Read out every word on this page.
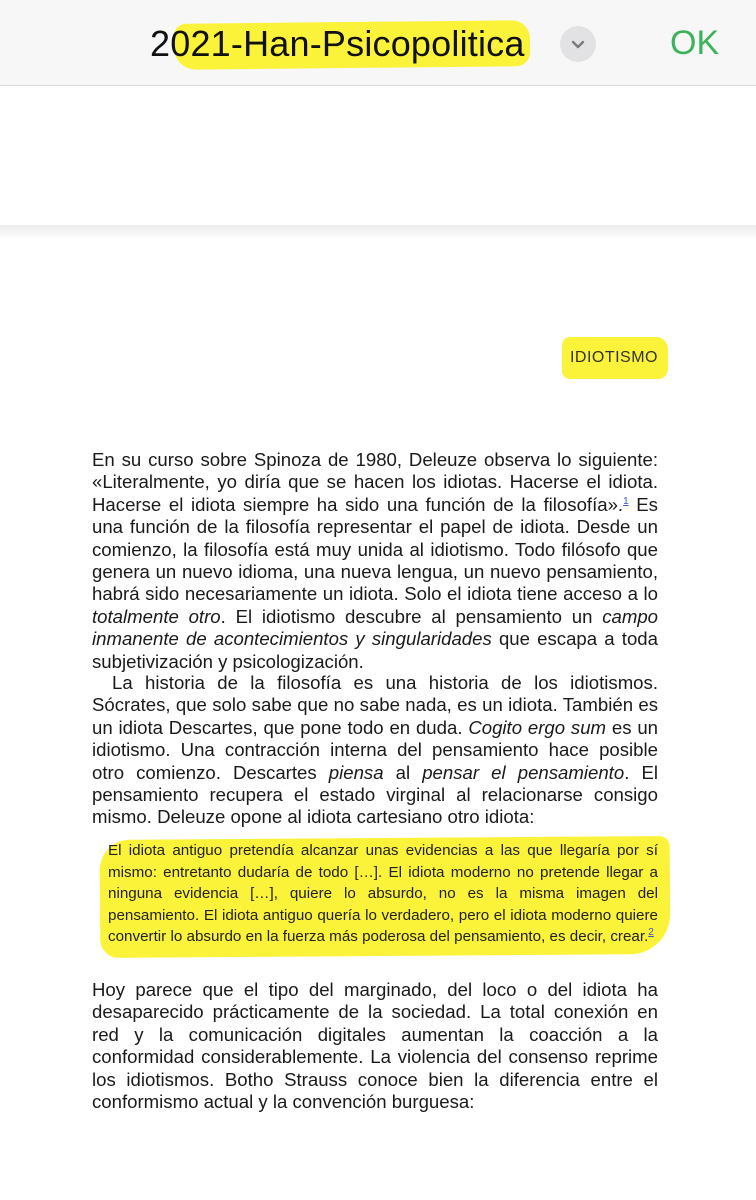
2021-Han-Psicopolitica	OK
IDIOTISMO

En su curso sobre Spinoza de 1980, Deleuze observa lo siguiente: «Literalmente, yo diría que se hacen los idiotas. Hacerse el idiota. Hacerse el idiota siempre ha sido una función de la filosofía».$^1$ Es una función de la filosofía representar el papel de idiota. Desde un comienzo, la filosofía está muy unida al idiotismo. Todo filósofo que genera un nuevo idioma, una nueva lengua, un nuevo pensamiento, habrá sido necesariamente un idiota. Solo el idiota tiene acceso a lo totalmente otro. El idiotismo descubre al pensamiento un campo inmanente de acontecimientos y singularidades que escapa a toda subjetivización y psicologización.

La historia de la filosofía es una historia de los idiotismos. Sócrates, que solo sabe que no sabe nada, es un idiota. También es un idiota Descartes, que pone todo en duda. Cogito ergo sum es un idiotismo. Una contracción interna del pensamiento hace posible otro comienzo. Descartes piensa al pensar el pensamiento. El pensamiento recupera el estado virginal al relacionarse consigo mismo. Deleuze opone al idiota cartesiano otro idiota:

El idiota antiguo pretendía alcanzar unas evidencias a las que llegaría por sí mismo: entretanto dudaría de todo […]. El idiota moderno no pretende llegar a ninguna evidencia […], quiere lo absurdo, no es la misma imagen del pensamiento. El idiota antiguo quería lo verdadero, pero el idiota moderno quiere convertir lo absurdo en la fuerza más poderosa del pensamiento, es decir, crear.$^2$

Hoy parece que el tipo del marginado, del loco o del idiota ha desaparecido prácticamente de la sociedad. La total conexión en red y la comunicación digitales aumentan la coacción a la conformidad considerablemente. La violencia del consenso reprime los idiotismos. Botho Strauss conoce bien la diferencia entre el conformismo actual y la convención burguesa:
